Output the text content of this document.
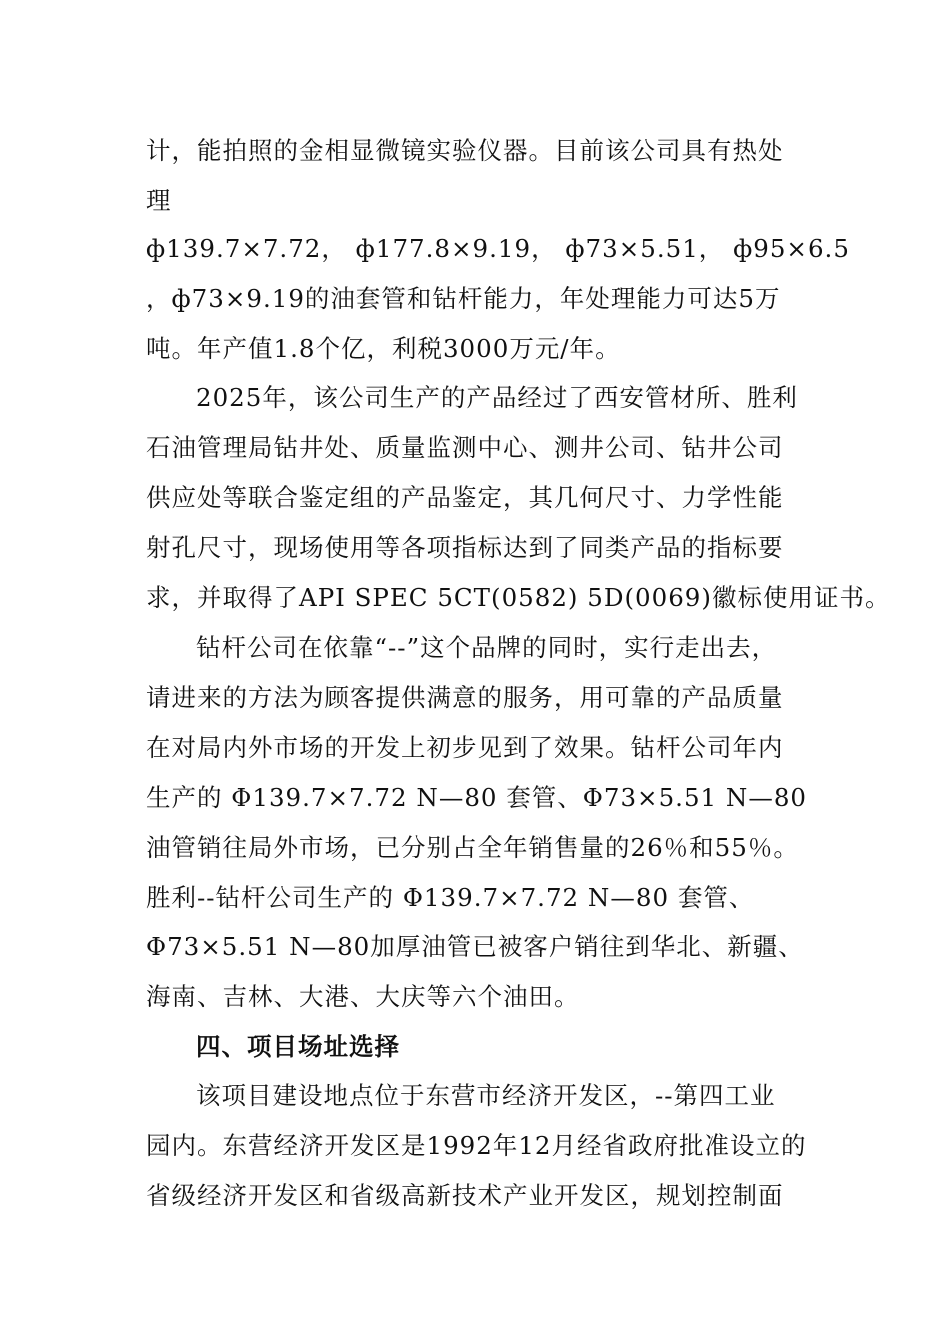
计，能拍照的金相显微镜实验仪器。目前该公司具有热处
理
ф139.7×7.72， ф177.8×9.19， ф73×5.51， ф95×6.5
，ф73×9.19的油套管和钻杆能力，年处理能力可达5万
吨。年产值1.8个亿，利税3000万元/年。
2025年，该公司生产的产品经过了西安管材所、胜利
石油管理局钻井处、质量监测中心、测井公司、钻井公司
供应处等联合鉴定组的产品鉴定，其几何尺寸、力学性能
射孔尺寸，现场使用等各项指标达到了同类产品的指标要
求，并取得了API SPEC 5CT(0582) 5D(0069)徽标使用证书。
钻杆公司在依靠“--”这个品牌的同时，实行走出去，
请进来的方法为顾客提供满意的服务，用可靠的产品质量
在对局内外市场的开发上初步见到了效果。钻杆公司年内
生产的 Φ139.7×7.72 N—80 套管、Φ73×5.51 N—80
油管销往局外市场，已分别占全年销售量的26％和55％。
胜利--钻杆公司生产的 Φ139.7×7.72 N—80 套管、
Φ73×5.51 N—80加厚油管已被客户销往到华北、新疆、
海南、吉林、大港、大庆等六个油田。
四、项目场址选择
该项目建设地点位于东营市经济开发区，--第四工业
园内。东营经济开发区是1992年12月经省政府批准设立的
省级经济开发区和省级高新技术产业开发区，规划控制面
